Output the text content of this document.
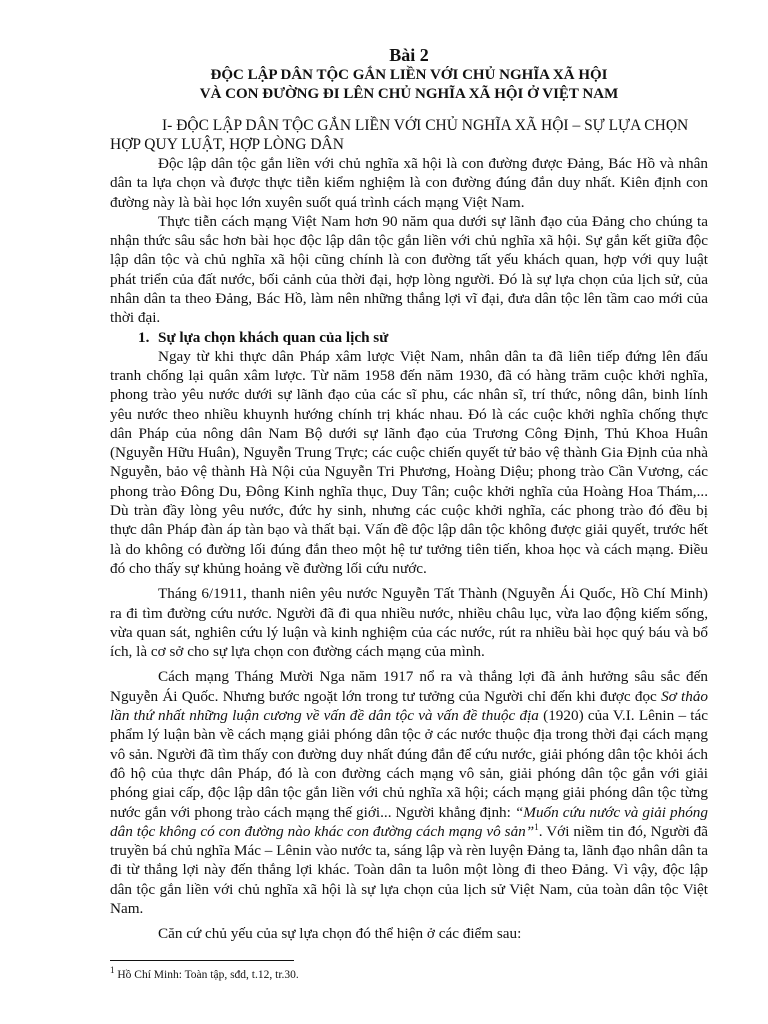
Bài 2
ĐỘC LẬP DÂN TỘC GẮN LIỀN VỚI CHỦ NGHĨA XÃ HỘI
VÀ CON ĐƯỜNG ĐI LÊN CHỦ NGHĨA XÃ HỘI Ở VIỆT NAM
I- ĐỘC LẬP DÂN TỘC GẮN LIỀN VỚI CHỦ NGHĨA XÃ HỘI – SỰ LỰA CHỌN HỢP QUY LUẬT, HỢP LÒNG DÂN

Độc lập dân tộc gắn liền với chủ nghĩa xã hội là con đường được Đảng, Bác Hồ và nhân dân ta lựa chọn và được thực tiễn kiểm nghiệm là con đường đúng đắn duy nhất. Kiên định con đường này là bài học lớn xuyên suốt quá trình cách mạng Việt Nam.

Thực tiễn cách mạng Việt Nam hơn 90 năm qua dưới sự lãnh đạo của Đảng cho chúng ta nhận thức sâu sắc hơn bài học độc lập dân tộc gắn liền với chủ nghĩa xã hội. Sự gắn kết giữa độc lập dân tộc và chủ nghĩa xã hội cũng chính là con đường tất yếu khách quan, hợp với quy luật phát triển của đất nước, bối cảnh của thời đại, hợp lòng người. Đó là sự lựa chọn của lịch sử, của nhân dân ta theo Đảng, Bác Hồ, làm nên những thắng lợi vĩ đại, đưa dân tộc lên tầm cao mới của thời đại.

1. Sự lựa chọn khách quan của lịch sử

Ngay từ khi thực dân Pháp xâm lược Việt Nam, nhân dân ta đã liên tiếp đứng lên đấu tranh chống lại quân xâm lược. Từ năm 1958 đến năm 1930, đã có hàng trăm cuộc khởi nghĩa, phong trào yêu nước dưới sự lãnh đạo của các sĩ phu, các nhân sĩ, trí thức, nông dân, binh lính yêu nước theo nhiều khuynh hướng chính trị khác nhau. Đó là các cuộc khởi nghĩa chống thực dân Pháp của nông dân Nam Bộ dưới sự lãnh đạo của Trương Công Định, Thủ Khoa Huân (Nguyễn Hữu Huân), Nguyễn Trung Trực; các cuộc chiến quyết tử bảo vệ thành Gia Định của nhà Nguyễn, bảo vệ thành Hà Nội của Nguyễn Tri Phương, Hoàng Diệu; phong trào Cần Vương, các phong trào Đông Du, Đông Kinh nghĩa thục, Duy Tân; cuộc khởi nghĩa của Hoàng Hoa Thám,... Dù tràn đầy lòng yêu nước, đức hy sinh, nhưng các cuộc khởi nghĩa, các phong trào đó đều bị thực dân Pháp đàn áp tàn bạo và thất bại. Vấn đề độc lập dân tộc không được giải quyết, trước hết là do không có đường lối đúng đắn theo một hệ tư tưởng tiên tiến, khoa học và cách mạng. Điều đó cho thấy sự khủng hoảng về đường lối cứu nước.

Tháng 6/1911, thanh niên yêu nước Nguyễn Tất Thành (Nguyễn Ái Quốc, Hồ Chí Minh) ra đi tìm đường cứu nước. Người đã đi qua nhiều nước, nhiều châu lục, vừa lao động kiếm sống, vừa quan sát, nghiên cứu lý luận và kinh nghiệm của các nước, rút ra nhiều bài học quý báu và bổ ích, là cơ sở cho sự lựa chọn con đường cách mạng của mình.

Cách mạng Tháng Mười Nga năm 1917 nổ ra và thắng lợi đã ảnh hưởng sâu sắc đến Nguyễn Ái Quốc. Nhưng bước ngoặt lớn trong tư tưởng của Người chỉ đến khi được đọc Sơ thảo lần thứ nhất những luận cương về vấn đề dân tộc và vấn đề thuộc địa (1920) của V.I. Lênin – tác phẩm lý luận bàn về cách mạng giải phóng dân tộc ở các nước thuộc địa trong thời đại cách mạng vô sản. Người đã tìm thấy con đường duy nhất đúng đắn để cứu nước, giải phóng dân tộc khỏi ách đô hộ của thực dân Pháp, đó là con đường cách mạng vô sản, giải phóng dân tộc gắn với giải phóng giai cấp, độc lập dân tộc gắn liền với chủ nghĩa xã hội; cách mạng giải phóng dân tộc từng nước gắn với phong trào cách mạng thế giới... Người khẳng định: “Muốn cứu nước và giải phóng dân tộc không có con đường nào khác con đường cách mạng vô sản”$^1$. Với niềm tin đó, Người đã truyền bá chủ nghĩa Mác – Lênin vào nước ta, sáng lập và rèn luyện Đảng ta, lãnh đạo nhân dân ta đi từ thắng lợi này đến thắng lợi khác. Toàn dân ta luôn một lòng đi theo Đảng. Vì vậy, độc lập dân tộc gắn liền với chủ nghĩa xã hội là sự lựa chọn của lịch sử Việt Nam, của toàn dân tộc Việt Nam.

Căn cứ chủ yếu của sự lựa chọn đó thể hiện ở các điểm sau:

$^1$ Hồ Chí Minh: Toàn tập, sđd, t.12, tr.30.
